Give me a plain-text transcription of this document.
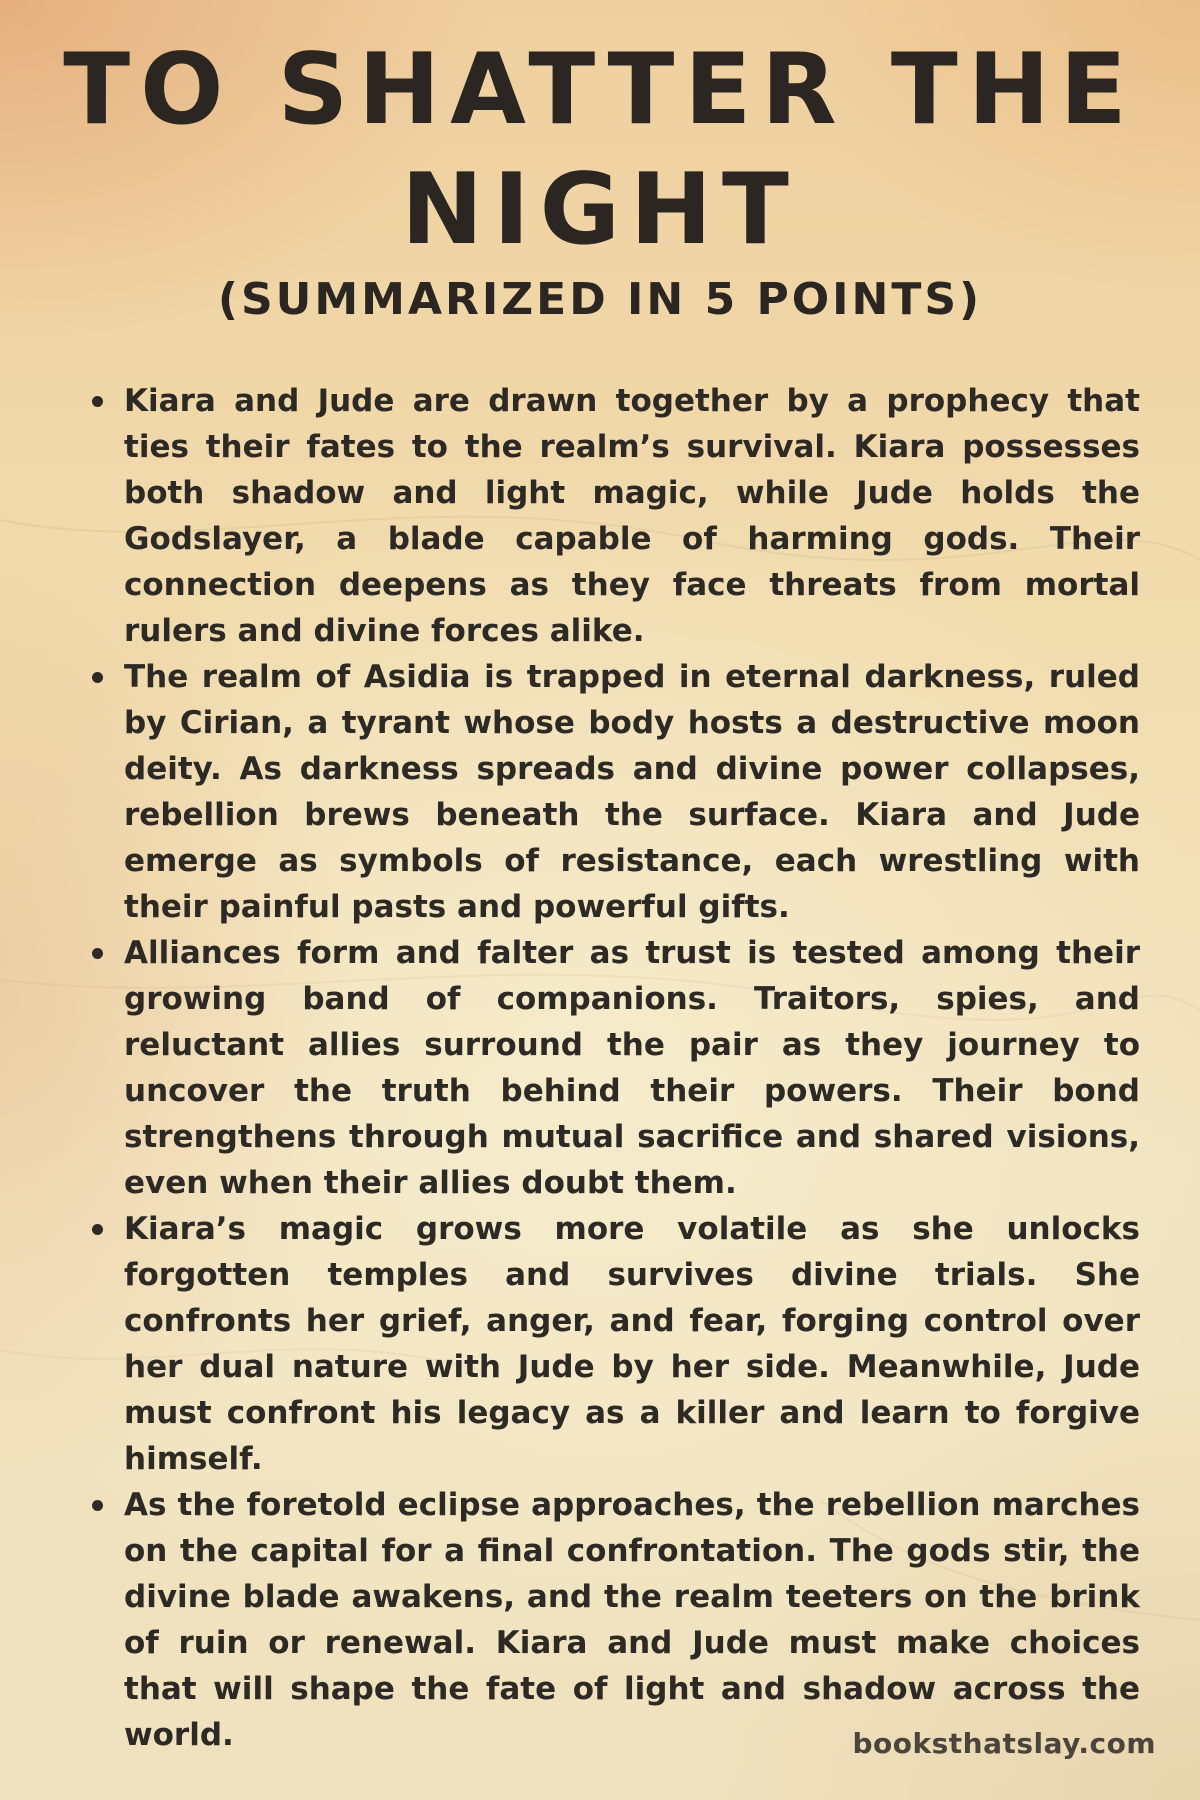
TO SHATTER THE
NIGHT
(SUMMARIZED IN 5 POINTS)
Kiara and Jude are drawn together by a prophecy that ties their fates to the realm’s survival. Kiara possesses both shadow and light magic, while Jude holds the Godslayer, a blade capable of harming gods. Their connection deepens as they face threats from mortal rulers and divine forces alike.
The realm of Asidia is trapped in eternal darkness, ruled by Cirian, a tyrant whose body hosts a destructive moon deity. As darkness spreads and divine power collapses, rebellion brews beneath the surface. Kiara and Jude emerge as symbols of resistance, each wrestling with their painful pasts and powerful gifts.
Alliances form and falter as trust is tested among their growing band of companions. Traitors, spies, and reluctant allies surround the pair as they journey to uncover the truth behind their powers. Their bond strengthens through mutual sacrifice and shared visions, even when their allies doubt them.
Kiara’s magic grows more volatile as she unlocks forgotten temples and survives divine trials. She confronts her grief, anger, and fear, forging control over her dual nature with Jude by her side. Meanwhile, Jude must confront his legacy as a killer and learn to forgive himself.
As the foretold eclipse approaches, the rebellion marches on the capital for a final confrontation. The gods stir, the divine blade awakens, and the realm teeters on the brink of ruin or renewal. Kiara and Jude must make choices that will shape the fate of light and shadow across the world.	booksthatslay.com
